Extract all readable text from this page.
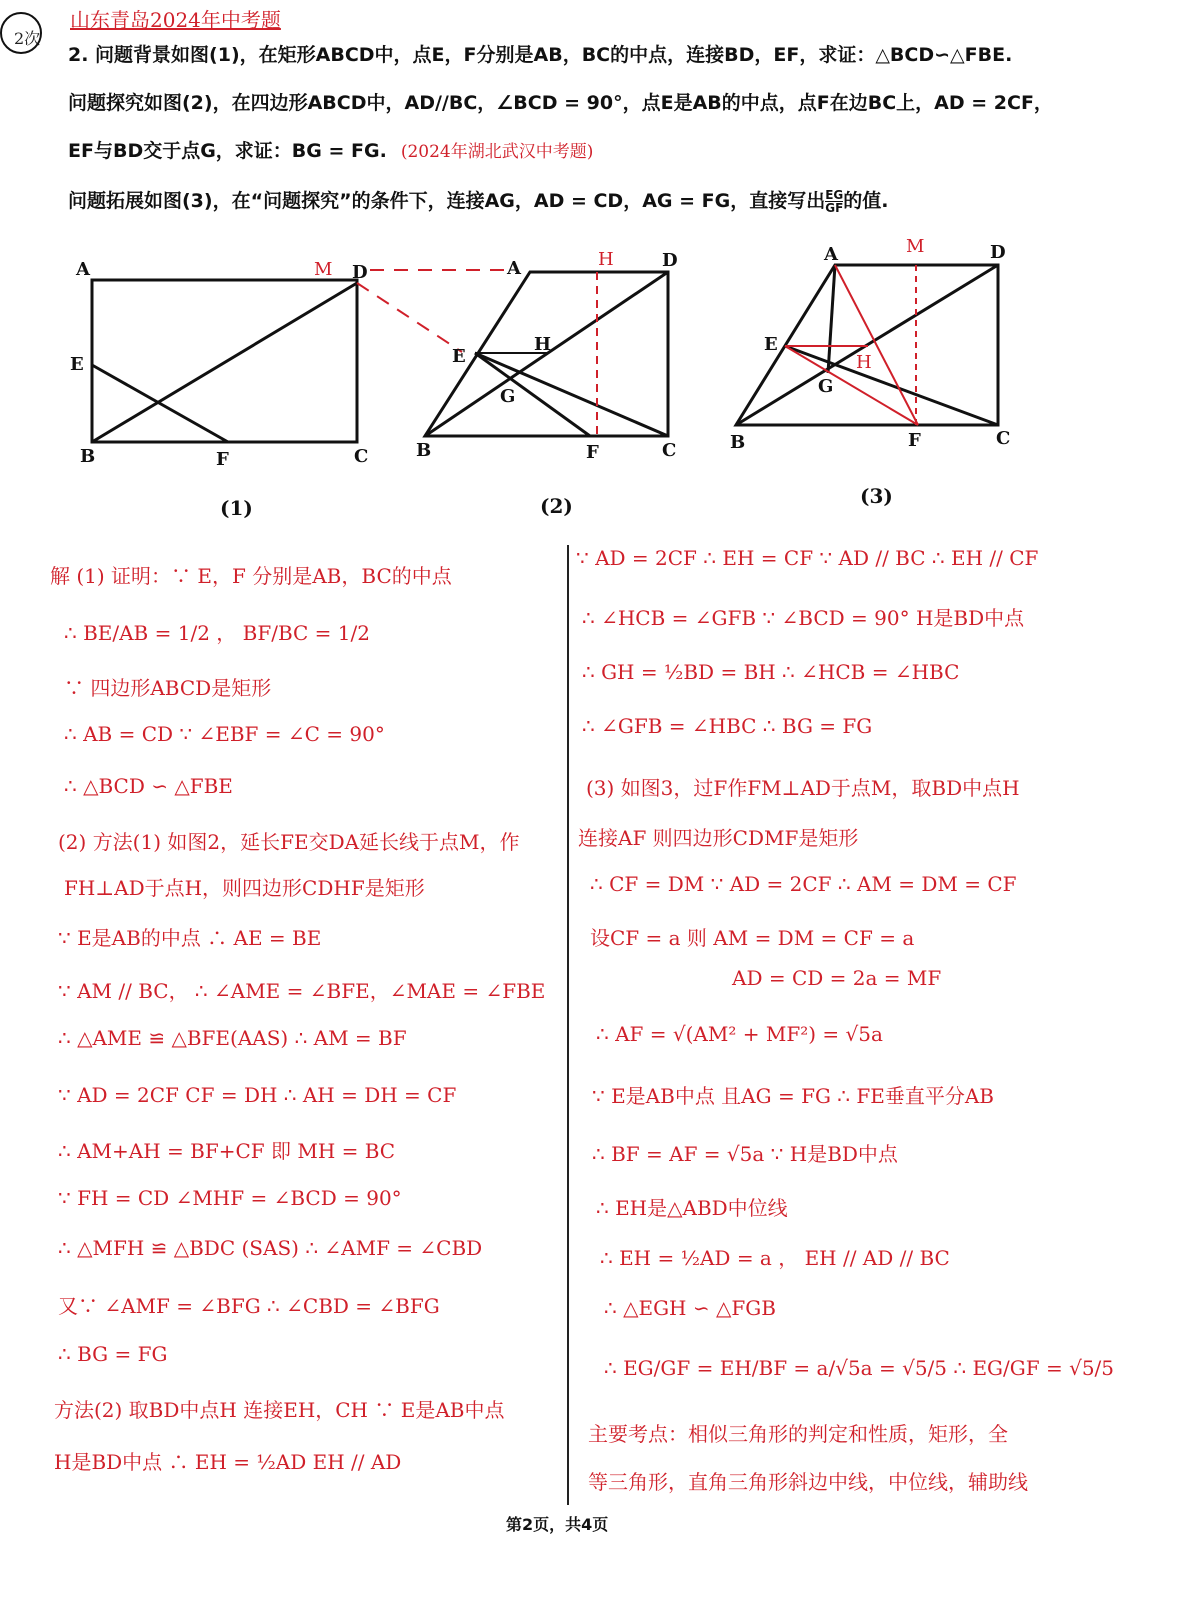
山东青岛2024年中考题
2次
2. 问题背景如图(1)，在矩形ABCD中，点E，F分别是AB，BC的中点，连接BD，EF，求证：△BCD∽△FBE.
问题探究如图(2)，在四边形ABCD中，AD//BC，∠BCD = 90°，点E是AB的中点，点F在边BC上，AD = 2CF，
EF与BD交于点G，求证：BG = FG. (2024年湖北武汉中考题)
问题拓展如图(3)，在“问题探究”的条件下，连接AG，AD = CD，AG = FG，直接写出 $\frac{EG}{GF}$ 的值.
A
B	C
D
E
F
M	A
B	C
D
E
F
G
H
H	A
B	C
D
E
F
G
H
M
(1)	(2)	(3)
解 (1) 证明：∵ E，F 分别是AB，BC的中点
∴ BE/AB = 1/2 ， BF/BC = 1/2
∵ 四边形ABCD是矩形
∴ AB = CD ∵ ∠EBF = ∠C = 90°
∴ △BCD ∽ △FBE
(2) 方法(1) 如图2，延长FE交DA延长线于点M，作
FH⊥AD于点H，则四边形CDHF是矩形
∵ E是AB的中点 ∴ AE = BE
∵ AM // BC， ∴ ∠AME = ∠BFE，∠MAE = ∠FBE
∴ △AME ≌ △BFE(AAS) ∴ AM = BF
∵ AD = 2CF CF = DH ∴ AH = DH = CF
∴ AM+AH = BF+CF 即 MH = BC
∵ FH = CD ∠MHF = ∠BCD = 90°
∴ △MFH ≌ △BDC (SAS) ∴ ∠AMF = ∠CBD
又∵ ∠AMF = ∠BFG ∴ ∠CBD = ∠BFG
∴ BG = FG
方法(2) 取BD中点H 连接EH，CH ∵ E是AB中点
H是BD中点 ∴ EH = ½AD EH // AD
∵ AD = 2CF ∴ EH = CF ∵ AD // BC ∴ EH // CF
∴ ∠HCB = ∠GFB ∵ ∠BCD = 90° H是BD中点
∴ GH = ½BD = BH ∴ ∠HCB = ∠HBC
∴ ∠GFB = ∠HBC ∴ BG = FG
(3) 如图3，过F作FM⊥AD于点M，取BD中点H
连接AF 则四边形CDMF是矩形
∴ CF = DM ∵ AD = 2CF ∴ AM = DM = CF
设CF = a 则 AM = DM = CF = a
AD = CD = 2a = MF
∴ AF = √(AM² + MF²) = √5a
∵ E是AB中点 且AG = FG ∴ FE垂直平分AB
∴ BF = AF = √5a ∵ H是BD中点
∴ EH是△ABD中位线
∴ EH = ½AD = a ， EH // AD // BC
∴ △EGH ∽ △FGB
∴ EG/GF = EH/BF = a/√5a = √5/5 ∴ EG/GF = √5/5
主要考点：相似三角形的判定和性质，矩形，全
等三角形，直角三角形斜边中线，中位线，辅助线
第2页，共4页
